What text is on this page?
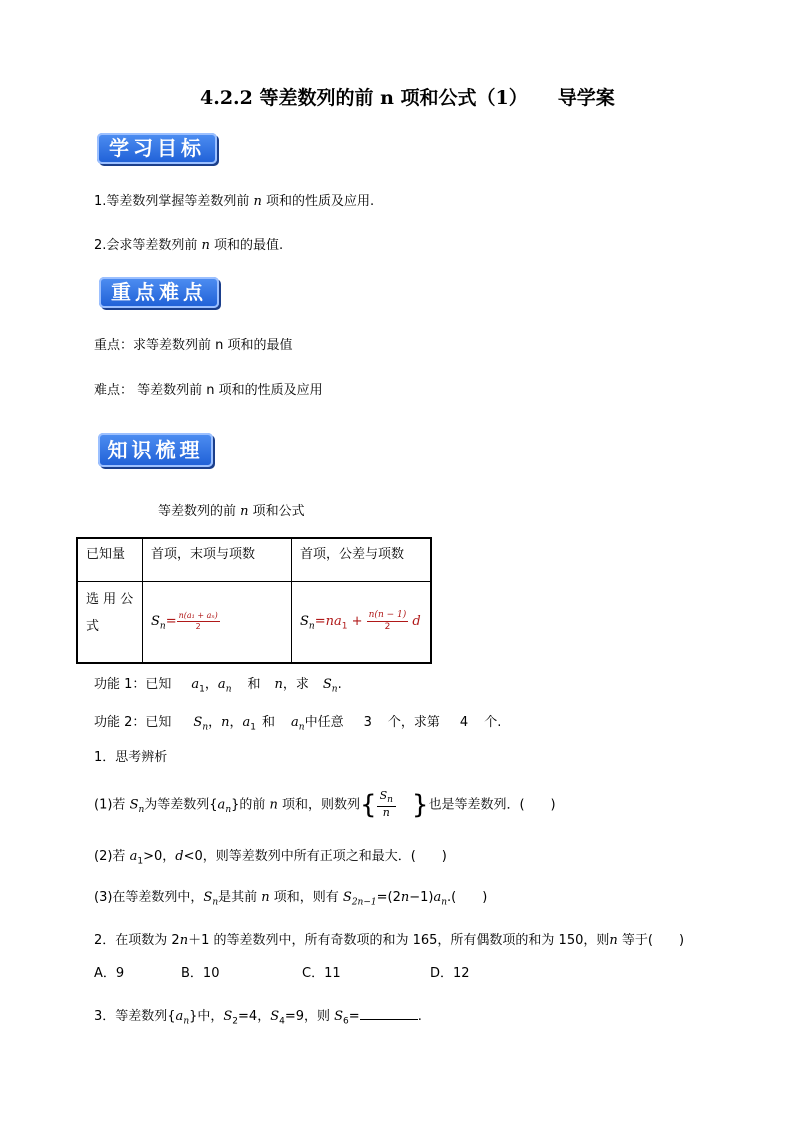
4.2.2 等差数列的前 n 项和公式（1） 导学案
学习目标
1.等差数列掌握等差数列前 n 项和的性质及应用.
2.会求等差数列前 n 项和的最值.
重点难点
重点：求等差数列前 n 项和的最值
难点： 等差数列前 n 项和的性质及应用
知识梳理
等差数列的前 n 项和公式
已知量	首项，末项与项数	首项，公差与项数
选 用 公式	$S_n= \frac{\text{n(a₁ + aₙ)}}{2}$	$S_n=na_1 + \frac{n(n - 1)}{2}$ d
功能 1：已知 $a_1$，$a_n$ 和 n，求 $S_n$.
功能 2：已知 $S_n$，n，$a_1$ 和 $a_n$中任意 3 个，求第 4 个.
1．思考辨析
(1)若 $S_n$为等差数列$\{a_n\}$的前 n 项和，则数列{ $\frac{S_n}{n}$ }也是等差数列．(　　)
(2)若 $a_1>0$，d<0，则等差数列中所有正项之和最大．(　　)
(3)在等差数列中，$S_n$是其前 n 项和，则有 $S_{2n-1}=(2n-1)a_n$.(　　)
2．在项数为 2n＋1 的等差数列中，所有奇数项的和为 165，所有偶数项的和为 150，则n 等于(　　)
A．9	B．10	C．11	D．12
3．等差数列$\{a_n\}$中，$S_2=4$，$S_4=9$，则 $S_6=$	.
